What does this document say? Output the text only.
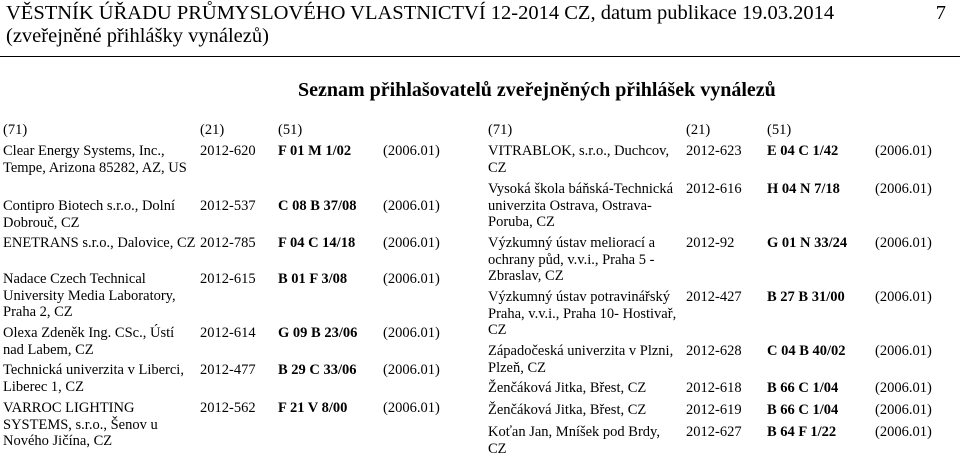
VĚSTNÍK ÚŘADU PRŮMYSLOVÉHO VLASTNICTVÍ 12-2014 CZ, datum publikace 19.03.2014
(zveřejněné přihlášky vynálezů)
7
Seznam přihlašovatelů zveřejněných přihlášek vynálezů
(71)	(21)	(51)	(71)	(21)	(51)
Clear Energy Systems, Inc., Tempe, Arizona 85282, AZ, US
2012-620 F 01 M 1/02 (2006.01)
Contipro Biotech s.r.o., Dolní Dobrouč, CZ
2012-537 C 08 B 37/08 (2006.01)
ENETRANS s.r.o., Dalovice, CZ 2012-785 F 04 C 14/18 (2006.01)
Nadace Czech Technical University Media Laboratory, Praha 2, CZ
2012-615 B 01 F 3/08 (2006.01)
Olexa Zdeněk Ing. CSc., Ústí nad Labem, CZ
2012-614 G 09 B 23/06 (2006.01)
Technická univerzita v Liberci, Liberec 1, CZ
2012-477 B 29 C 33/06 (2006.01)
VARROC LIGHTING SYSTEMS, s.r.o., Šenov u Nového Jičína, CZ
2012-562 F 21 V 8/00 (2006.01)
VITRABLOK, s.r.o., Duchcov, CZ
2012-623 E 04 C 1/42	(2006.01)
Vysoká škola báňská-Technická univerzita Ostrava, Ostrava-Poruba, CZ
2012-616 H 04 N 7/18 (2006.01)
Výzkumný ústav meliorací a ochrany půd, v.v.i., Praha 5 - Zbraslav, CZ
2012-92 G 01 N 33/24 (2006.01)
Výzkumný ústav potravinářský Praha, v.v.i., Praha 10- Hostivař, CZ
2012-427 B 27 B 31/00 (2006.01)
Západočeská univerzita v Plzni, Plzeň, CZ
2012-628 C 04 B 40/02 (2006.01)
Ženčáková Jitka, Břest, CZ	2012-618 B 66 C 1/04	(2006.01)
Ženčáková Jitka, Břest, CZ	2012-619 B 66 C 1/04	(2006.01)
Koťan Jan, Mníšek pod Brdy, CZ
2012-627 B 64 F 1/22	(2006.01)
